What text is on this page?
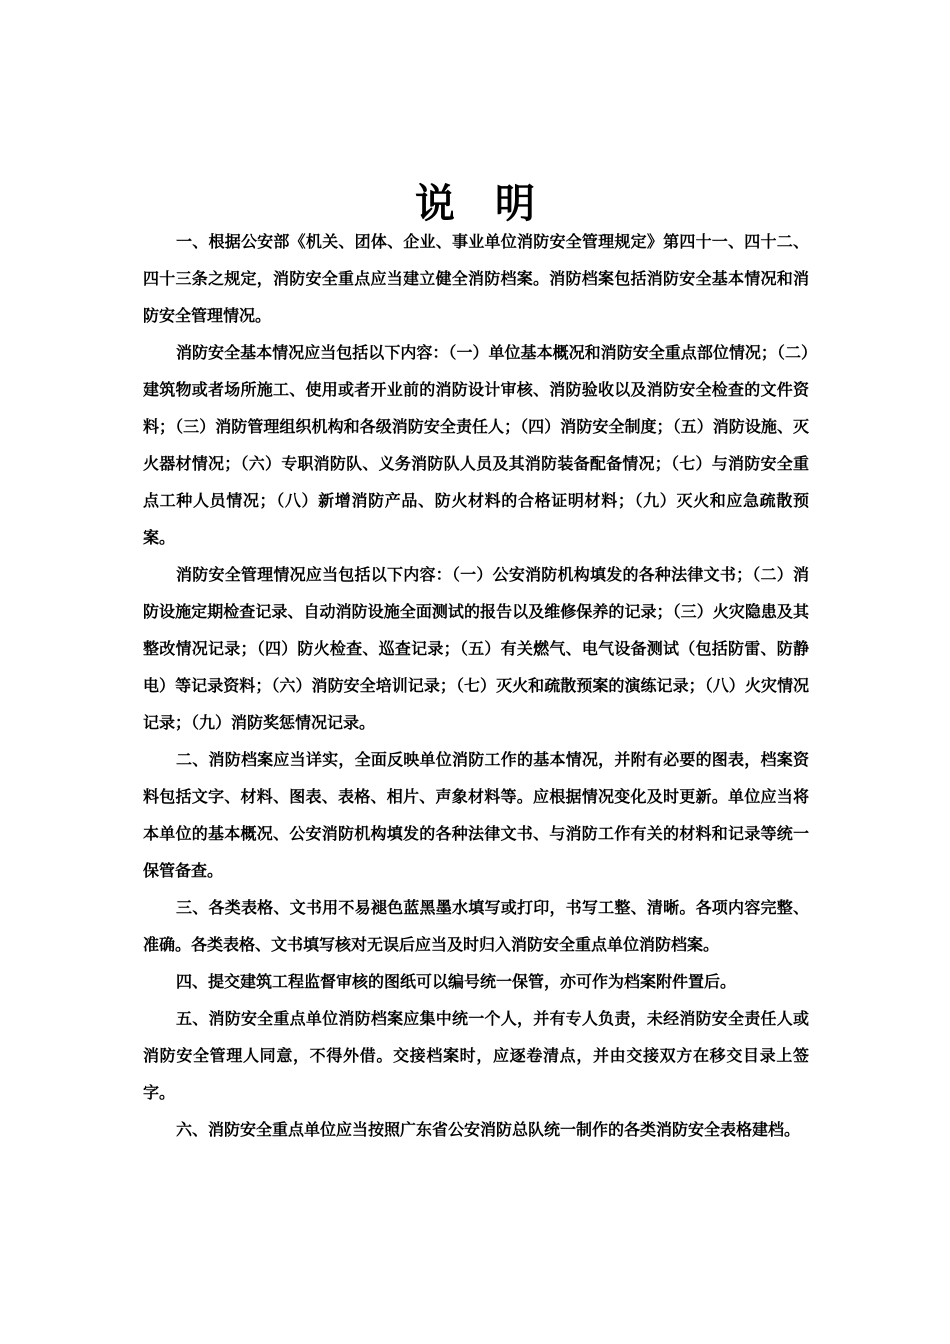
说 明

一、根据公安部《机关、团体、企业、事业单位消防安全管理规定》第四十一、四十二、四十三条之规定，消防安全重点应当建立健全消防档案。消防档案包括消防安全基本情况和消防安全管理情况。

消防安全基本情况应当包括以下内容：（一）单位基本概况和消防安全重点部位情况；（二）建筑物或者场所施工、使用或者开业前的消防设计审核、消防验收以及消防安全检查的文件资料；（三）消防管理组织机构和各级消防安全责任人；（四）消防安全制度；（五）消防设施、灭火器材情况；（六）专职消防队、义务消防队人员及其消防装备配备情况；（七）与消防安全重点工种人员情况；（八）新增消防产品、防火材料的合格证明材料；（九）灭火和应急疏散预案。

消防安全管理情况应当包括以下内容：（一）公安消防机构填发的各种法律文书；（二）消防设施定期检查记录、自动消防设施全面测试的报告以及维修保养的记录；（三）火灾隐患及其整改情况记录；（四）防火检查、巡查记录；（五）有关燃气、电气设备测试（包括防雷、防静电）等记录资料；（六）消防安全培训记录；（七）灭火和疏散预案的演练记录；（八）火灾情况记录；（九）消防奖惩情况记录。

二、消防档案应当详实，全面反映单位消防工作的基本情况，并附有必要的图表，档案资料包括文字、材料、图表、表格、相片、声象材料等。应根据情况变化及时更新。单位应当将本单位的基本概况、公安消防机构填发的各种法律文书、与消防工作有关的材料和记录等统一保管备查。

三、各类表格、文书用不易褪色蓝黑墨水填写或打印，书写工整、清晰。各项内容完整、准确。各类表格、文书填写核对无误后应当及时归入消防安全重点单位消防档案。

四、提交建筑工程监督审核的图纸可以编号统一保管，亦可作为档案附件置后。

五、消防安全重点单位消防档案应集中统一个人，并有专人负责，未经消防安全责任人或消防安全管理人同意，不得外借。交接档案时，应逐卷清点，并由交接双方在移交目录上签字。

六、消防安全重点单位应当按照广东省公安消防总队统一制作的各类消防安全表格建档。
